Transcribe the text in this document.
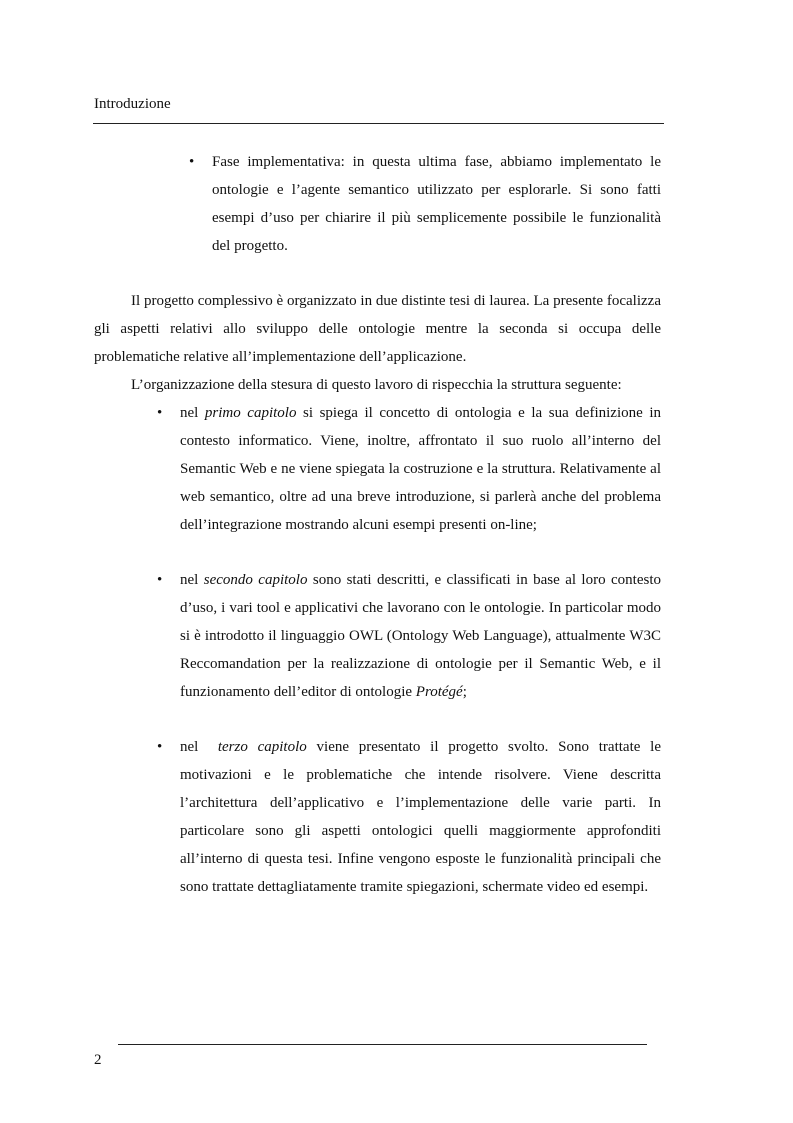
Introduzione
• Fase implementativa: in questa ultima fase, abbiamo implementato le ontologie e l’agente semantico utilizzato per esplorarle. Si sono fatti esempi d’uso per chiarire il più semplicemente possibile le funzionalità del progetto.

Il progetto complessivo è organizzato in due distinte tesi di laurea. La presente focalizza gli aspetti relativi allo sviluppo delle ontologie mentre la seconda si occupa delle problematiche relative all’implementazione dell’applicazione.

L’organizzazione della stesura di questo lavoro di rispecchia la struttura seguente:
• nel primo capitolo si spiega il concetto di ontologia e la sua definizione in contesto informatico. Viene, inoltre, affrontato il suo ruolo all’interno del Semantic Web e ne viene spiegata la costruzione e la struttura. Relativamente al web semantico, oltre ad una breve introduzione, si parlerà anche del problema dell’integrazione mostrando alcuni esempi presenti on-line;
• nel secondo capitolo sono stati descritti, e classificati in base al loro contesto d’uso, i vari tool e applicativi che lavorano con le ontologie. In particolar modo si è introdotto il linguaggio OWL (Ontology Web Language), attualmente W3C Reccomandation per la realizzazione di ontologie per il Semantic Web, e il funzionamento dell’editor di ontologie Protégé;
• nel  terzo capitolo viene presentato il progetto svolto. Sono trattate le motivazioni e le problematiche che intende risolvere. Viene descritta l’architettura dell’applicativo e l’implementazione delle varie parti. In particolare sono gli aspetti ontologici quelli maggiormente approfonditi all’interno di questa tesi. Infine vengono esposte le funzionalità principali che sono trattate dettagliatamente tramite spiegazioni, schermate video ed esempi.
2
